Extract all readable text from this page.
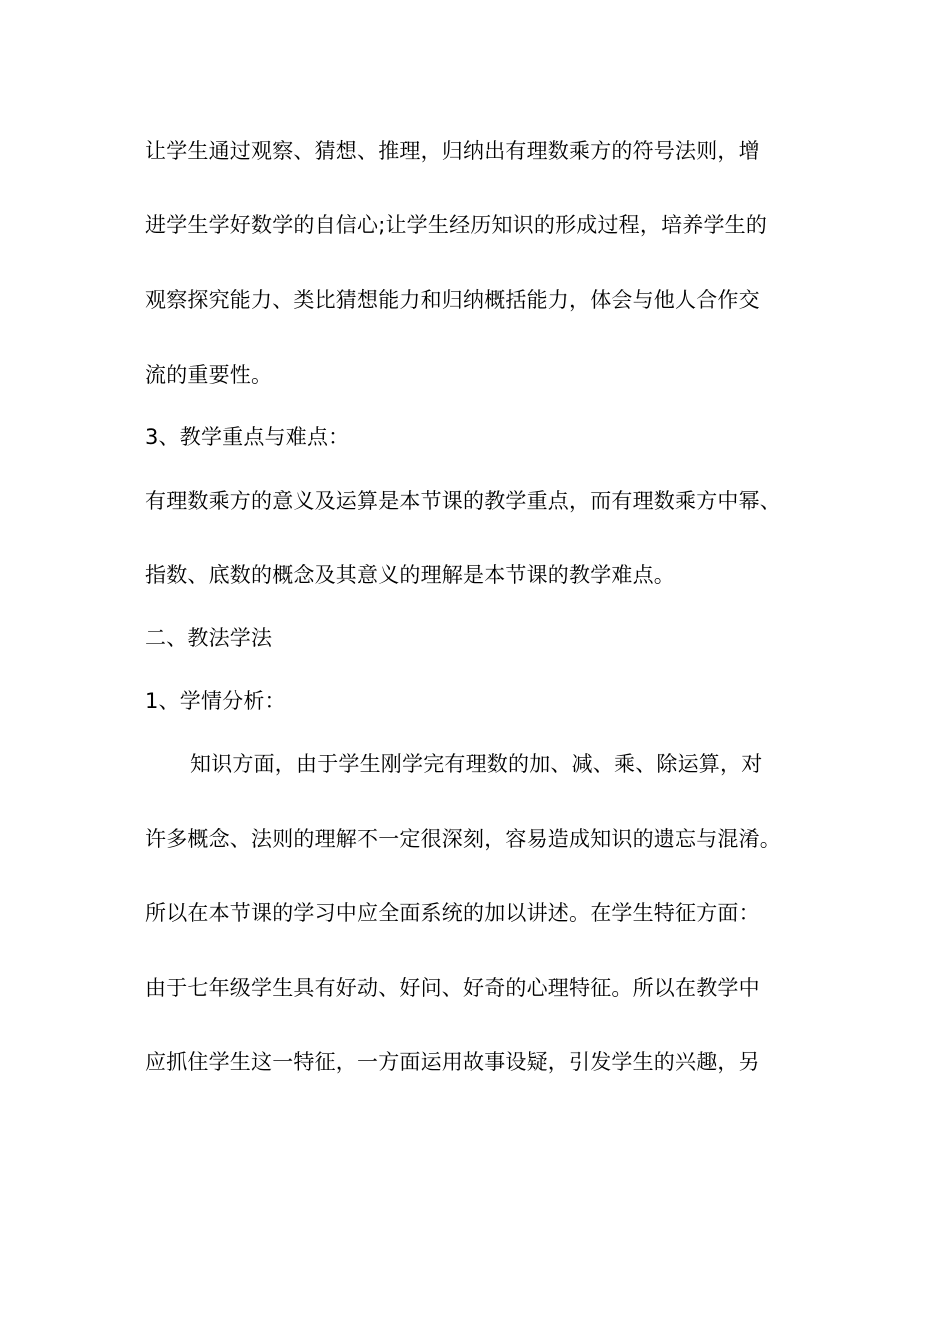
让学生通过观察、猜想、推理，归纳出有理数乘方的符号法则，增
进学生学好数学的自信心;让学生经历知识的形成过程，培养学生的
观察探究能力、类比猜想能力和归纳概括能力，体会与他人合作交
流的重要性。
3、教学重点与难点：
有理数乘方的意义及运算是本节课的教学重点，而有理数乘方中幂、
指数、底数的概念及其意义的理解是本节课的教学难点。
二、教法学法
1、学情分析：
知识方面，由于学生刚学完有理数的加、减、乘、除运算，对
许多概念、法则的理解不一定很深刻，容易造成知识的遗忘与混淆。
所以在本节课的学习中应全面系统的加以讲述。在学生特征方面：
由于七年级学生具有好动、好问、好奇的心理特征。所以在教学中
应抓住学生这一特征，一方面运用故事设疑，引发学生的兴趣，另
